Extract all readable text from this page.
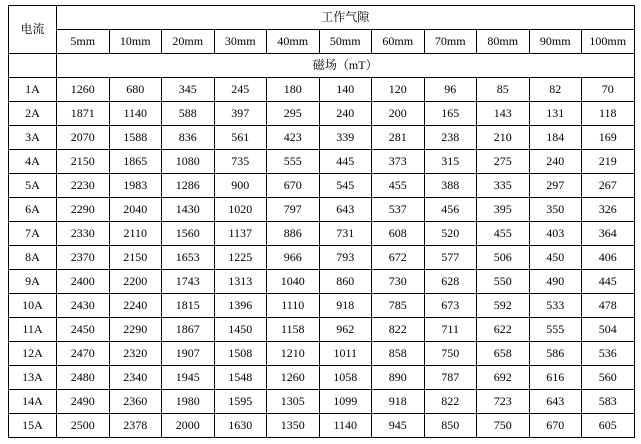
电流	工作气隙										
	5mm	10mm	20mm	30mm	40mm	50mm	60mm	70mm	80mm	90mm	100mm
	磁场（mT）										
1A	1260	680	345	245	180	140	120	96	85	82	70
2A	1871	1140	588	397	295	240	200	165	143	131	118
3A	2070	1588	836	561	423	339	281	238	210	184	169
4A	2150	1865	1080	735	555	445	373	315	275	240	219
5A	2230	1983	1286	900	670	545	455	388	335	297	267
6A	2290	2040	1430	1020	797	643	537	456	395	350	326
7A	2330	2110	1560	1137	886	731	608	520	455	403	364
8A	2370	2150	1653	1225	966	793	672	577	506	450	406
9A	2400	2200	1743	1313	1040	860	730	628	550	490	445
10A	2430	2240	1815	1396	1110	918	785	673	592	533	478
11A	2450	2290	1867	1450	1158	962	822	711	622	555	504
12A	2470	2320	1907	1508	1210	1011	858	750	658	586	536
13A	2480	2340	1945	1548	1260	1058	890	787	692	616	560
14A	2490	2360	1980	1595	1305	1099	918	822	723	643	583
15A	2500	2378	2000	1630	1350	1140	945	850	750	670	605
